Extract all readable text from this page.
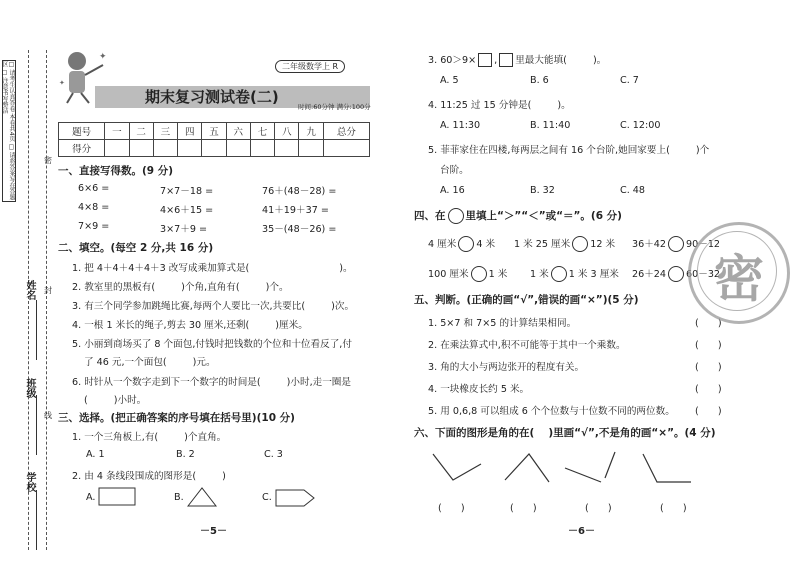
□ 请考生认真答卷 本卷共4页 □ 请将答案写在答题区 □ 注意书写整洁
姓名
班级
学校
密
封
线
✦
✦
二年级数学上 R
期末复习测试卷(二)
时间:60分钟 满分:100分
题号	一	二	三	四	五	六	七	八	九	总分
得分										
一、直接写得数。(9 分)
6×6 =	7×7－18 =	76＋(48－28) =
4×8 =	4×6＋15 =	41＋19＋37 =
7×9 =	3×7＋9 =	35－(48－26) =
二、填空。(每空 2 分,共 16 分)
1. 把 4＋4＋4＋4＋3 改写成乘加算式是(	)。
2. 教室里的黑板有(	)个角,直角有(	)个。
3. 有三个同学参加跳绳比赛,每两个人要比一次,共要比(	)次。
4. 一根 1 米长的绳子,剪去 30 厘米,还剩(	)厘米。
5. 小丽到商场买了 8 个面包,付钱时把钱数的个位和十位看反了,付
了 46 元,一个面包(	)元。
6. 时针从一个数字走到下一个数字的时间是(	)小时,走一圈是
(	)小时。
三、选择。(把正确答案的序号填在括号里)(10 分)
1. 一个三角板上,有(	)个直角。
A. 1	B. 2	C. 3
2. 由 4 条线段围成的图形是(	)
A.	B.	C.
－5－
3. 60＞9× , 里最大能填(	)。
A. 5	B. 6	C. 7
4. 11:25 过 15 分钟是(	)。
A. 11:30	B. 11:40	C. 12:00
5. 菲菲家住在四楼,每两层之间有 16 个台阶,她回家要上(	)个
台阶。
A. 16	B. 32	C. 48
四、在 里填上“＞”“＜”或“＝”。(6 分)
4 厘米 4 米 1 米 25 厘米 12 米 36＋42 90－12
100 厘米 1 米 1 米 1 米 3 厘米 26＋24 60－32
五、判断。(正确的画“√”,错误的画“×”)(5 分)
1. 5×7 和 7×5 的计算结果相同。	(　　)
2. 在乘法算式中,积不可能等于其中一个乘数。	(　　)
3. 角的大小与两边张开的程度有关。	(　　)
4. 一块橡皮长约 5 米。	(　　)
5. 用 0,6,8 可以组成 6 个个位数与十位数不同的两位数。 (　　)
六、下面的图形是角的在( )里画“√”,不是角的画“×”。(4 分)
(　　)	(　　)	(　　)	(　　)
－6－
密
